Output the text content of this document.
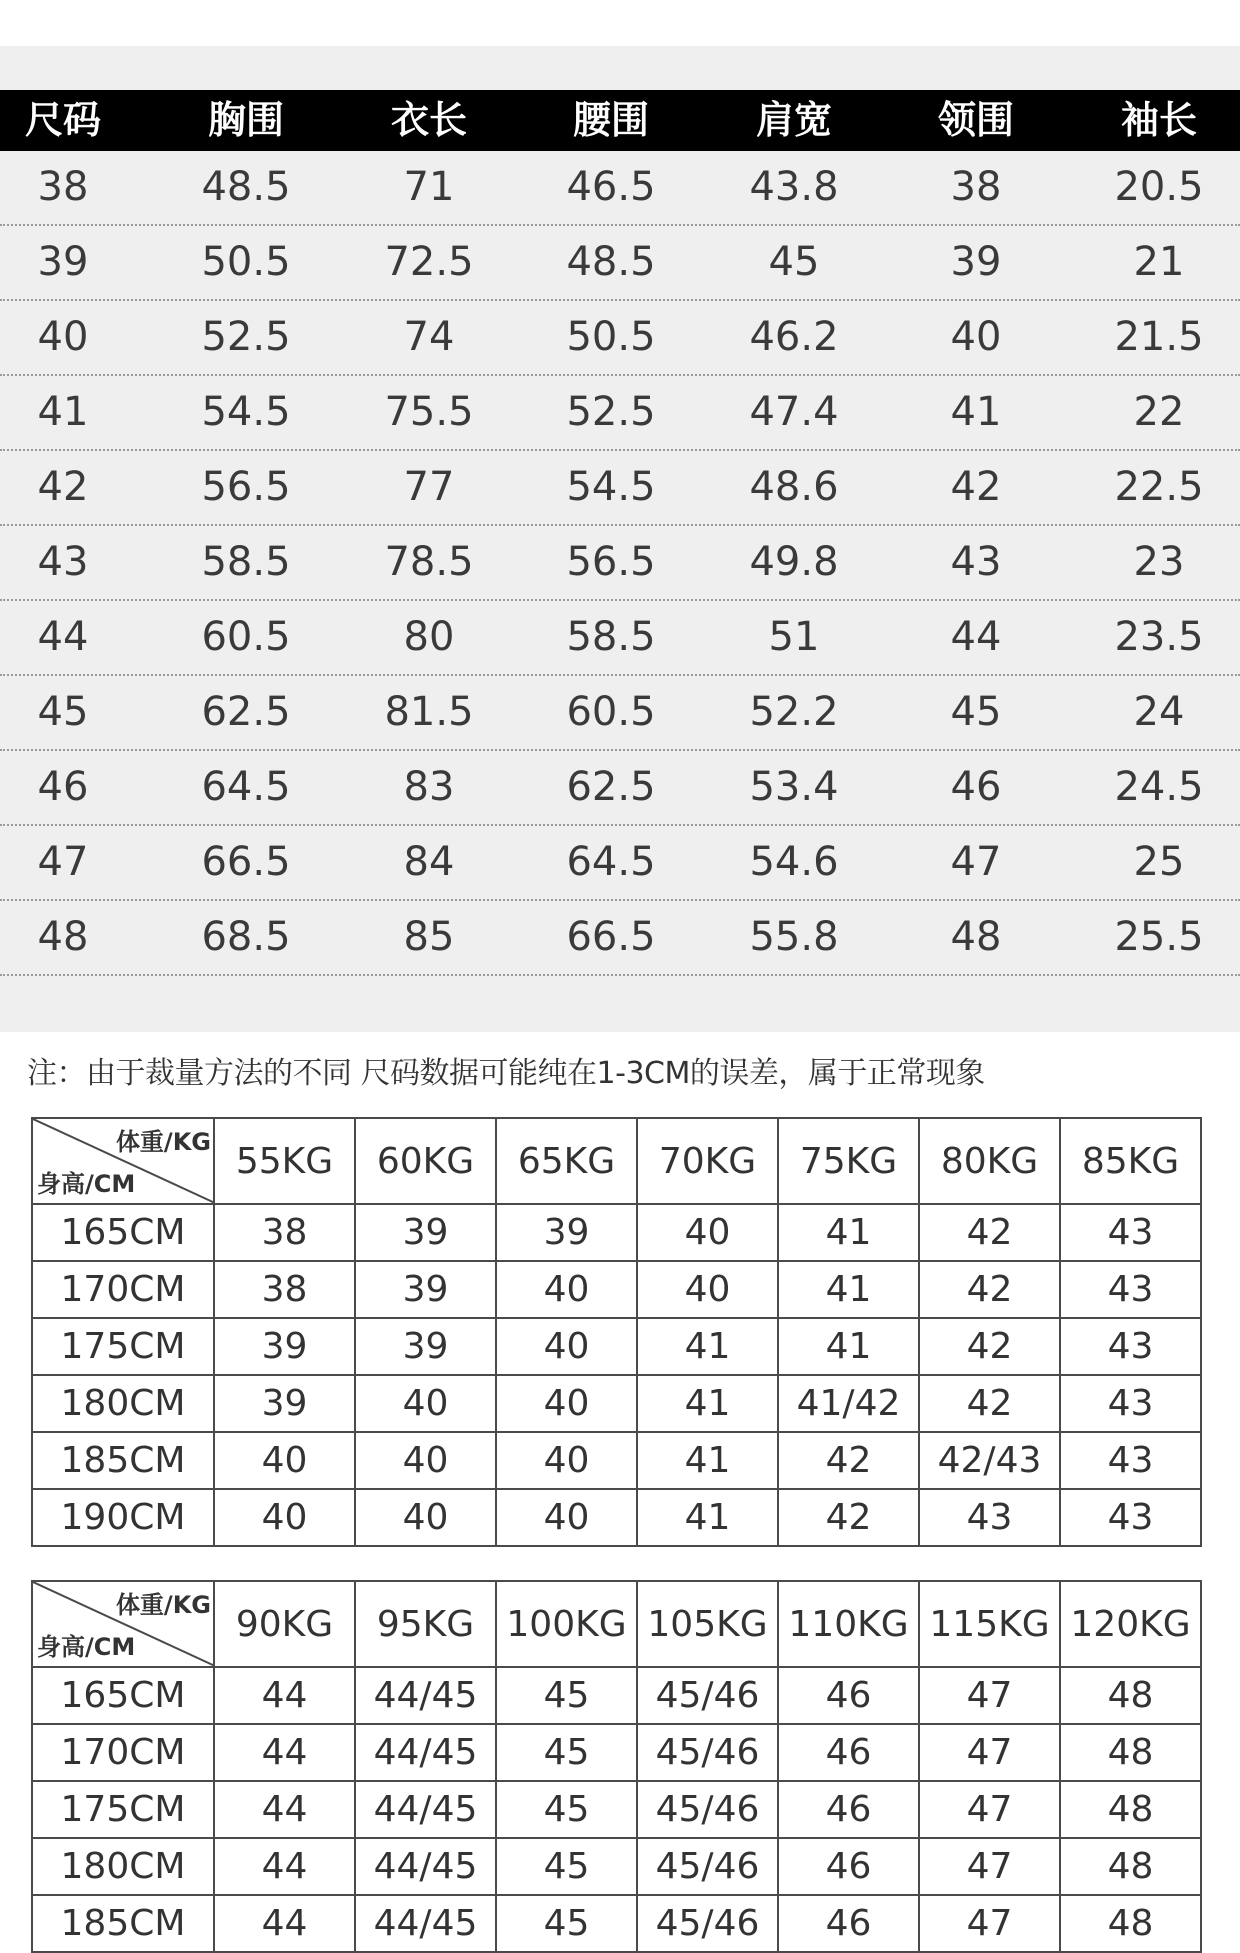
尺码	胸围	衣长	腰围	肩宽	领围	袖长
38	48.5	71	46.5	43.8	38	20.5
39	50.5	72.5	48.5	45	39	21
40	52.5	74	50.5	46.2	40	21.5
41	54.5	75.5	52.5	47.4	41	22
42	56.5	77	54.5	48.6	42	22.5
43	58.5	78.5	56.5	49.8	43	23
44	60.5	80	58.5	51	44	23.5
45	62.5	81.5	60.5	52.2	45	24
46	64.5	83	62.5	53.4	46	24.5
47	66.5	84	64.5	54.6	47	25
48	68.5	85	66.5	55.8	48	25.5
注：由于裁量方法的不同 尺码数据可能纯在1-3CM的误差，属于正常现象
体重/KG
身高/CM	55KG	60KG	65KG	70KG	75KG	80KG	85KG
165CM	38	39	39	40	41	42	43
170CM	38	39	40	40	41	42	43
175CM	39	39	40	41	41	42	43
180CM	39	40	40	41	41/42	42	43
185CM	40	40	40	41	42	42/43	43
190CM	40	40	40	41	42	43	43
体重/KG
身高/CM	90KG	95KG	100KG	105KG	110KG	115KG	120KG
165CM	44	44/45	45	45/46	46	47	48
170CM	44	44/45	45	45/46	46	47	48
175CM	44	44/45	45	45/46	46	47	48
180CM	44	44/45	45	45/46	46	47	48
185CM	44	44/45	45	45/46	46	47	48
